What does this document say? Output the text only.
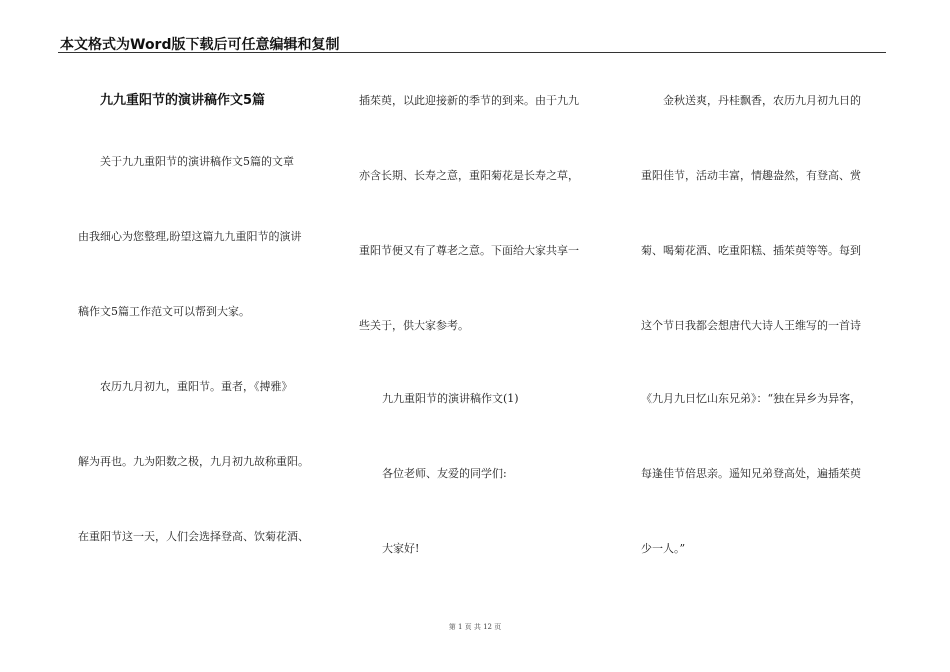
本文格式为Word版下载后可任意编辑和复制
九九重阳节的演讲稿作文5篇
关于九九重阳节的演讲稿作文5篇的文章
由我细心为您整理,盼望这篇九九重阳节的演讲
稿作文5篇工作范文可以帮到大家。
农历九月初九，重阳节。重者，《搏雅》
解为再也。九为阳数之极，九月初九故称重阳。
在重阳节这一天，人们会选择登高、饮菊花酒、
插茱萸，以此迎接新的季节的到来。由于九九
亦含长期、长寿之意，重阳菊花是长寿之草，
重阳节便又有了尊老之意。下面给大家共享一
些关于，供大家参考。
九九重阳节的演讲稿作文(1)
各位老师、友爱的同学们:
大家好!
金秋送爽，丹桂飘香，农历九月初九日的
重阳佳节，活动丰富，情趣盎然，有登高、赏
菊、喝菊花酒、吃重阳糕、插茱萸等等。每到
这个节日我都会想唐代大诗人王维写的一首诗
《九月九日忆山东兄弟》：“独在异乡为异客，
每逢佳节倍思亲。遥知兄弟登高处，遍插茱萸
少一人。”
第 1 页 共 12 页
